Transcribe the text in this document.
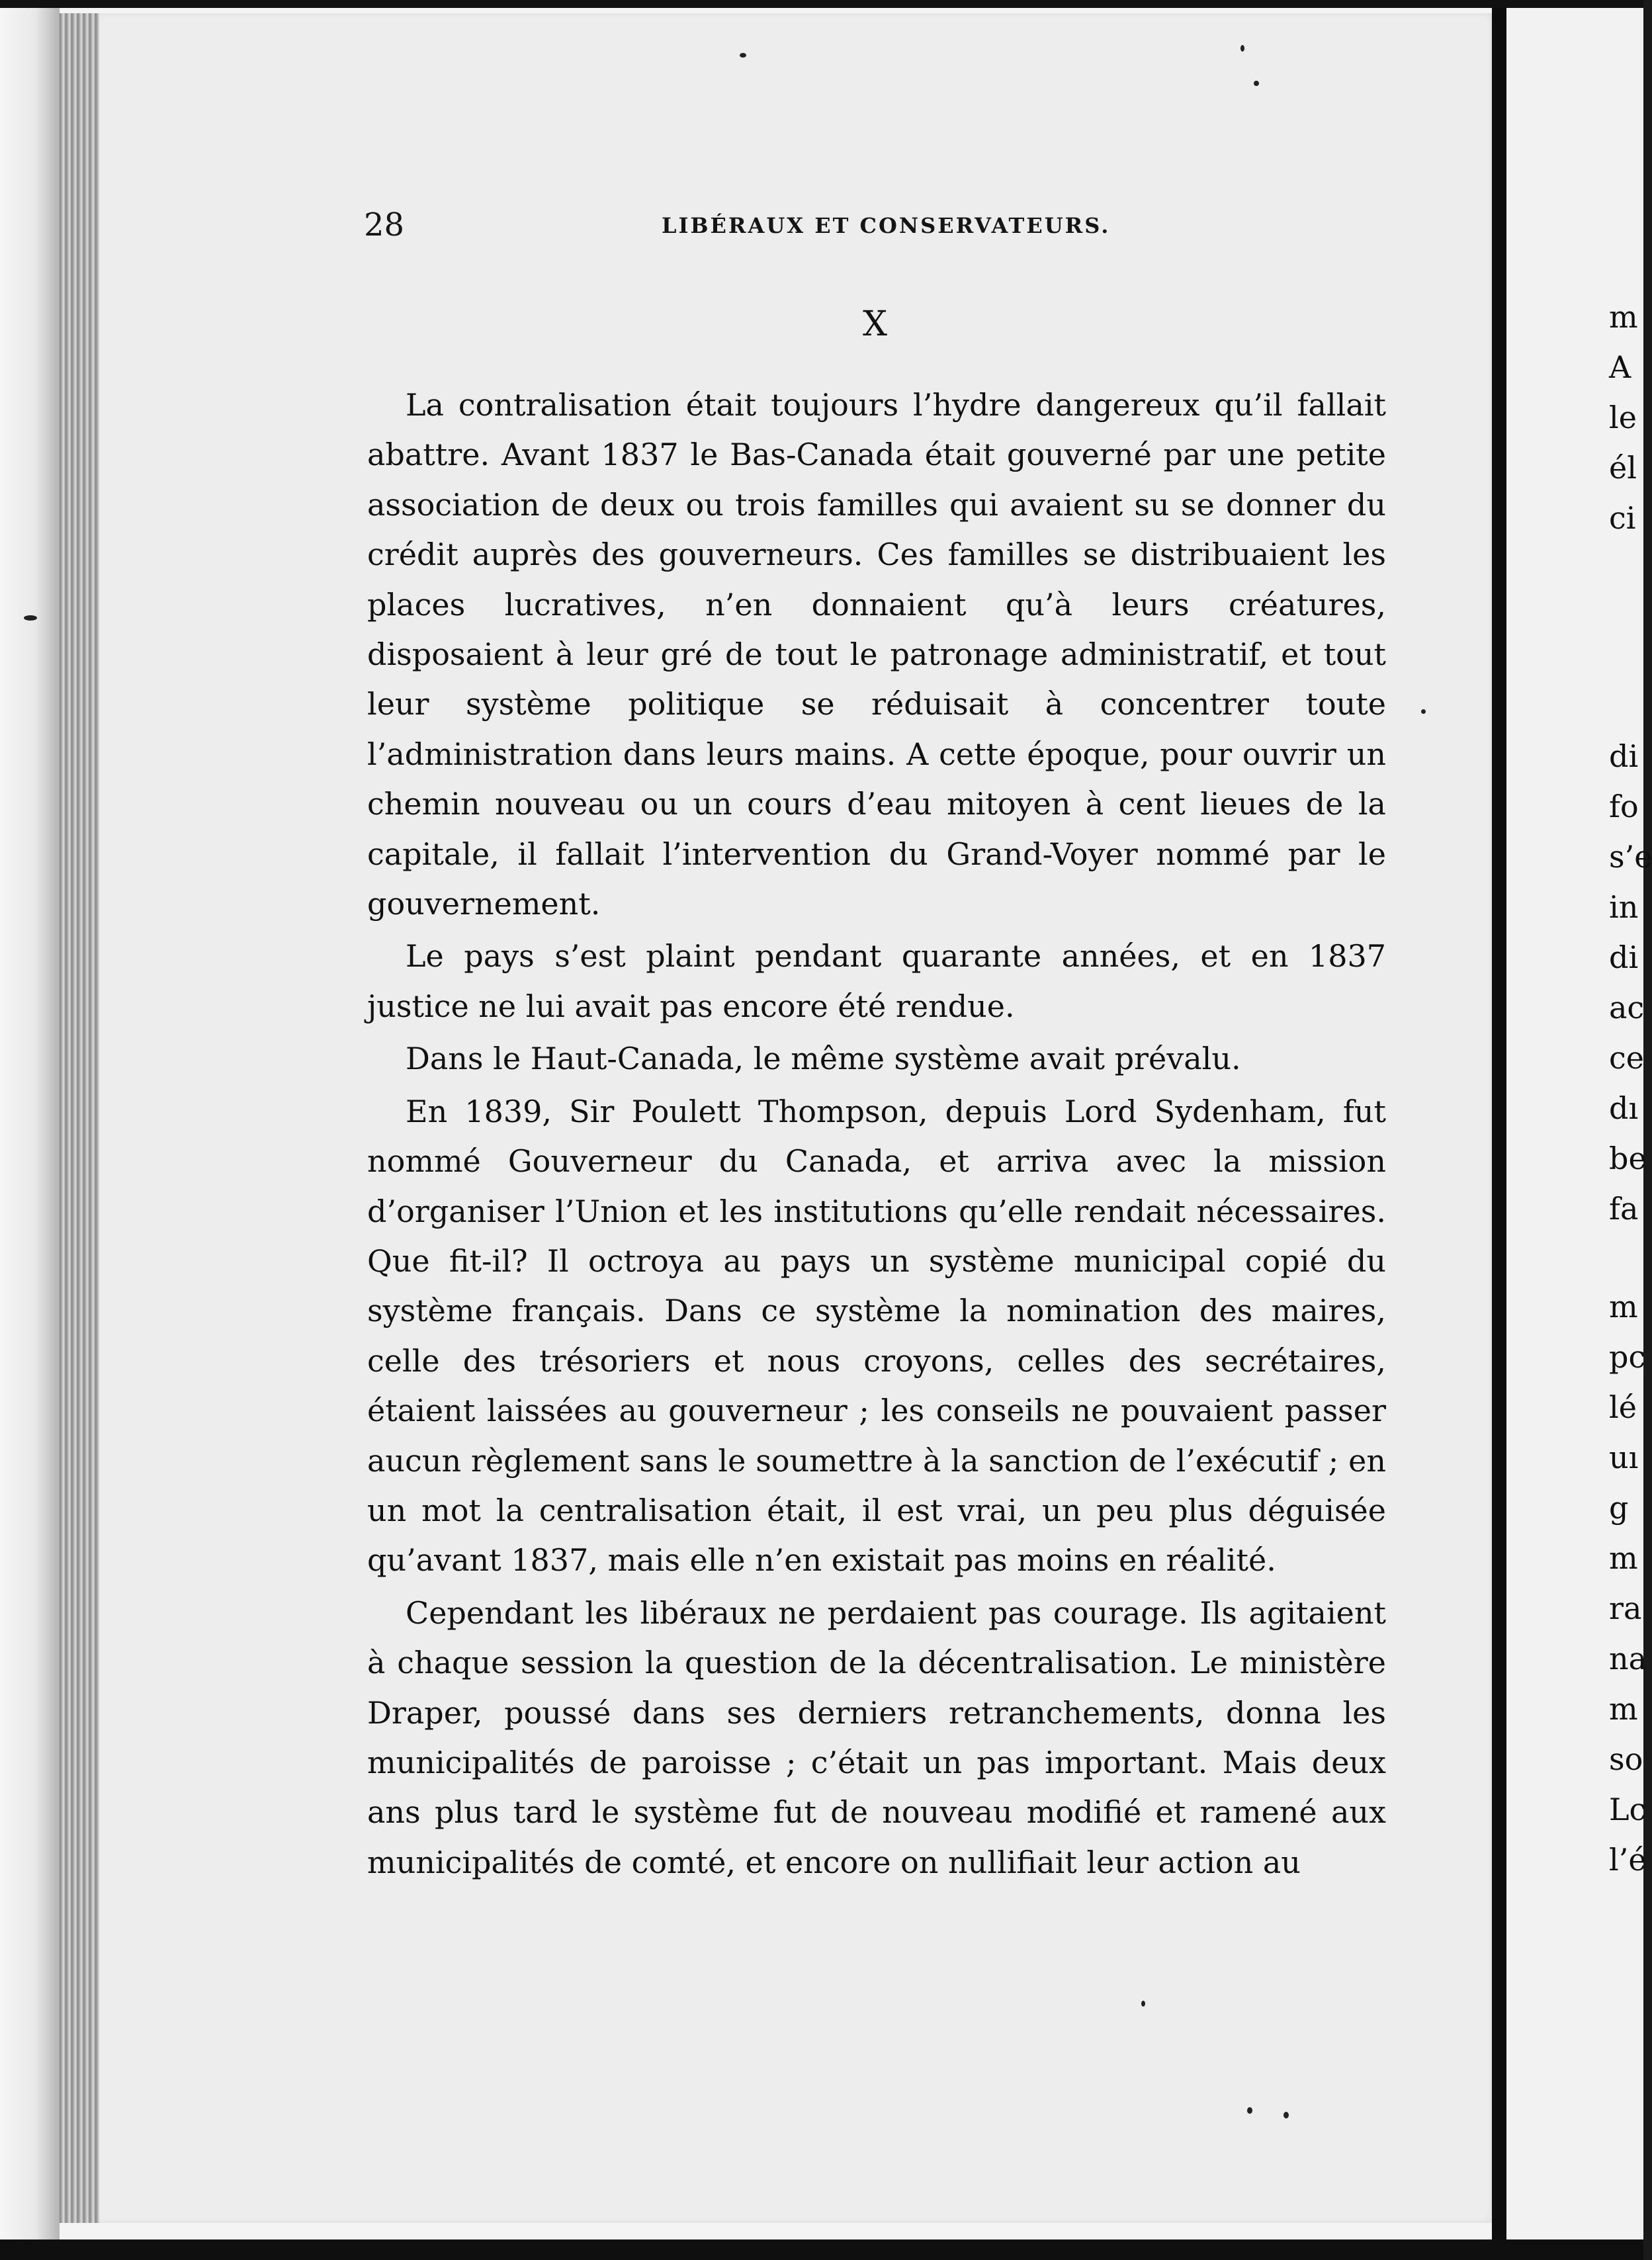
28	LIBÉRAUX ET CONSERVATEURS.
X

La contralisation était toujours l’hydre dangereux qu’il fallait abattre. Avant 1837 le Bas-Canada était gouverné par une petite association de deux ou trois familles qui avaient su se donner du crédit auprès des gouverneurs. Ces familles se distribuaient les places lucratives, n’en donnaient qu’à leurs créatures, disposaient à leur gré de tout le patronage administratif, et tout leur système politique se réduisait à concentrer toute l’administration dans leurs mains. A cette époque, pour ouvrir un chemin nouveau ou un cours d’eau mitoyen à cent lieues de la capitale, il fallait l’intervention du Grand-Voyer nommé par le gouvernement.

Le pays s’est plaint pendant quarante années, et en 1837 justice ne lui avait pas encore été rendue.

Dans le Haut-Canada, le même système avait prévalu.

En 1839, Sir Poulett Thompson, depuis Lord Sydenham, fut nommé Gouverneur du Canada, et arriva avec la mission d’organiser l’Union et les institutions qu’elle rendait nécessaires. Que fit-il? Il octroya au pays un système municipal copié du système français. Dans ce système la nomination des maires, celle des trésoriers et nous croyons, celles des secrétaires, étaient laissées au gouverneur ; les conseils ne pouvaient passer aucun règlement sans le soumettre à la sanction de l’exécutif ; en un mot la centralisation était, il est vrai, un peu plus déguisée qu’avant 1837, mais elle n’en existait pas moins en réalité.

Cependant les libéraux ne perdaient pas courage. Ils agitaient à chaque session la question de la décentralisation. Le ministère Draper, poussé dans ses derniers retranchements, donna les municipalités de paroisse ; c’était un pas important. Mais deux ans plus tard le système fut de nouveau modifié et ramené aux municipalités de comté, et encore on nullifiait leur action au

m
A
le
él
ci
di
fo
s’e
in
di
ac
ce
dı
be
fa
m
pc
lé
uı
g
m
ra
na
m
so
Lc
l’é
